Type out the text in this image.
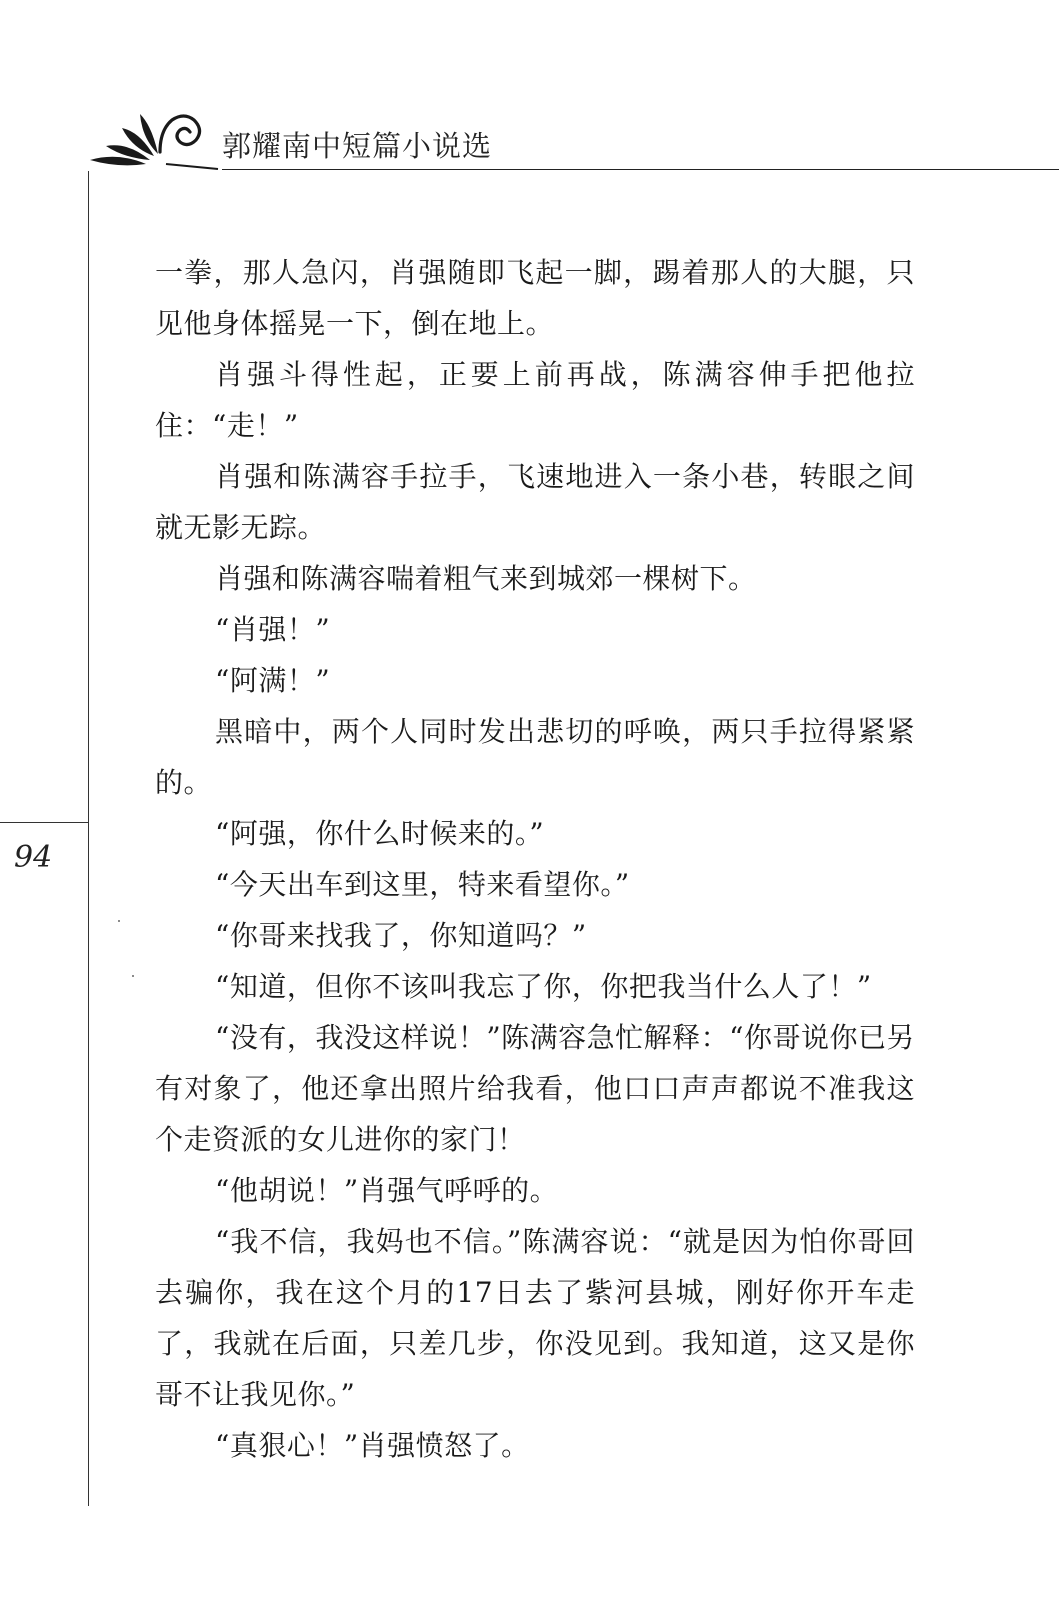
郭耀南中短篇小说选
94

一拳，那人急闪，肖强随即飞起一脚，踢着那人的大腿，只见他身体摇晃一下，倒在地上。

肖强斗得性起，正要上前再战，陈满容伸手把他拉住：“走！”

肖强和陈满容手拉手，飞速地进入一条小巷，转眼之间就无影无踪。

肖强和陈满容喘着粗气来到城郊一棵树下。

“肖强！”

“阿满！”

黑暗中，两个人同时发出悲切的呼唤，两只手拉得紧紧的。

“阿强，你什么时候来的。”

“今天出车到这里，特来看望你。”

“你哥来找我了，你知道吗？”

“知道，但你不该叫我忘了你，你把我当什么人了！”

“没有，我没这样说！”陈满容急忙解释：“你哥说你已另有对象了，他还拿出照片给我看，他口口声声都说不准我这个走资派的女儿进你的家门！

“他胡说！”肖强气呼呼的。

“我不信，我妈也不信。”陈满容说：“就是因为怕你哥回去骗你，我在这个月的17日去了紫河县城，刚好你开车走了，我就在后面，只差几步，你没见到。我知道，这又是你哥不让我见你。”

“真狠心！”肖强愤怒了。
